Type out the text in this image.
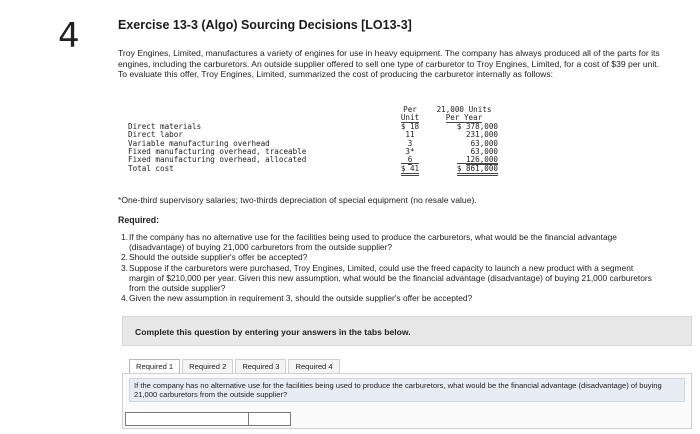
4	Exercise 13-3 (Algo) Sourcing Decisions [LO13-3]

Troy Engines, Limited, manufactures a variety of engines for use in heavy equipment. The company has always produced all of the parts for its engines, including the carburetors. An outside supplier offered to sell one type of carburetor to Troy Engines, Limited, for a cost of $39 per unit. To evaluate this offer, Troy Engines, Limited, summarized the cost of producing the carburetor internally as follows:

	Per	21,000 Units
	Unit	Per Year
Direct materials	$ 18	$ 378,000
Direct labor	11	231,000
Variable manufacturing overhead	3	63,000
Fixed manufacturing overhead, traceable	3*	63,000
Fixed manufacturing overhead, allocated	6	126,000
Total cost	$ 41	$ 861,000
*One-third supervisory salaries; two-thirds depreciation of special equipment (no resale value).
Required:
1. If the company has no alternative use for the facilities being used to produce the carburetors, what would be the financial advantage (disadvantage) of buying 21,000 carburetors from the outside supplier?
2. Should the outside supplier's offer be accepted?
3. Suppose if the carburetors were purchased, Troy Engines, Limited, could use the freed capacity to launch a new product with a segment margin of $210,000 per year. Given this new assumption, what would be the financial advantage (disadvantage) of buying 21,000 carburetors from the outside supplier?
4. Given the new assumption in requirement 3, should the outside supplier's offer be accepted?
Complete this question by entering your answers in the tabs below.
Required 1	Required 2	Required 3	Required 4
If the company has no alternative use for the facilities being used to produce the carburetors, what would be the financial advantage (disadvantage) of buying 21,000 carburetors from the outside supplier?
